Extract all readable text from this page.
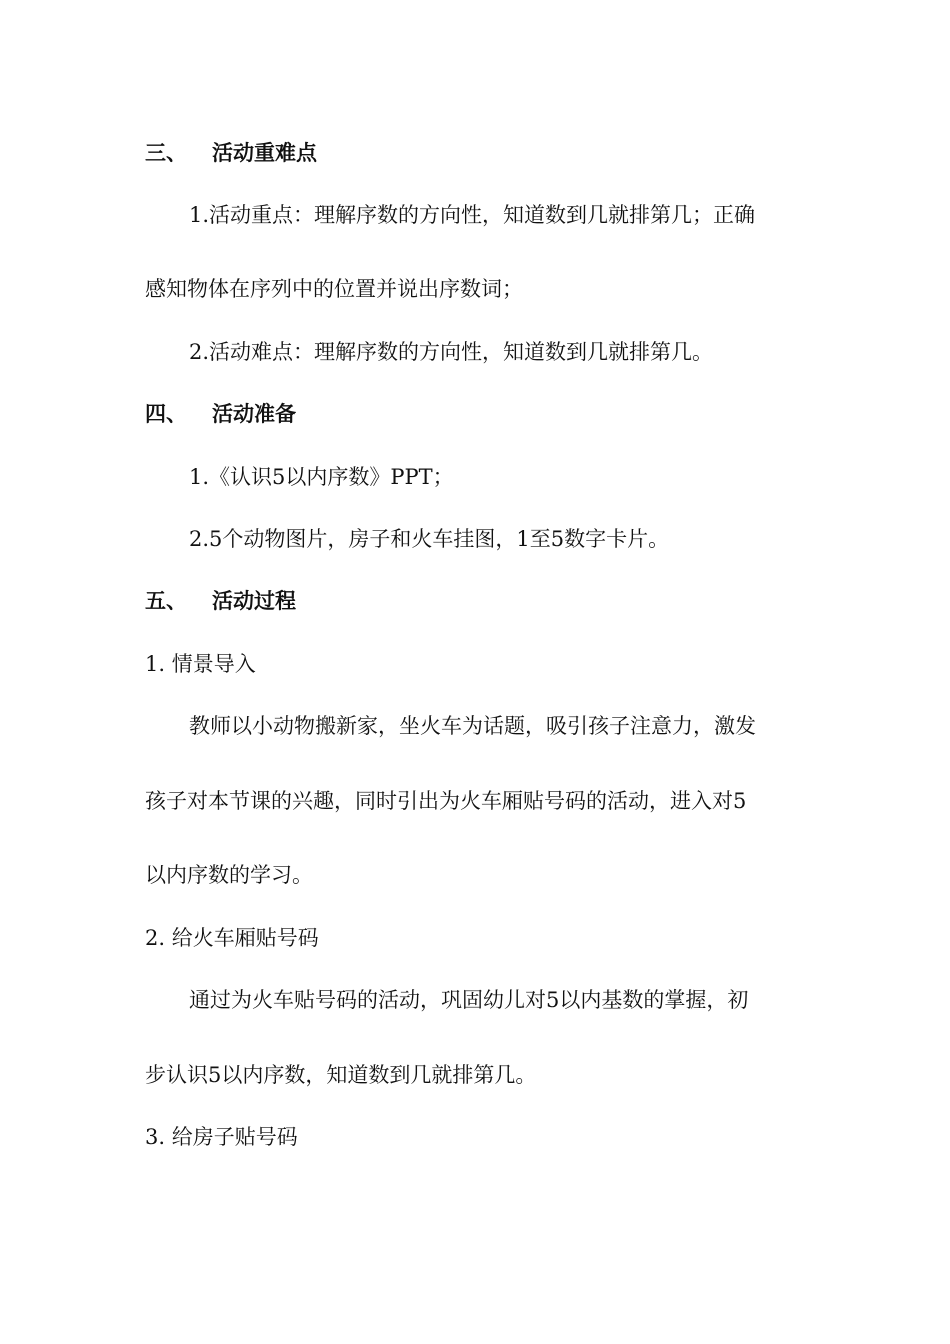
三、 活动重难点
1.活动重点：理解序数的方向性，知道数到几就排第几；正确
感知物体在序列中的位置并说出序数词；
2.活动难点：理解序数的方向性，知道数到几就排第几。
四、 活动准备
1.《认识5以内序数》PPT；
2.5个动物图片，房子和火车挂图，1至5数字卡片。
五、 活动过程
1. 情景导入
教师以小动物搬新家，坐火车为话题，吸引孩子注意力，激发
孩子对本节课的兴趣，同时引出为火车厢贴号码的活动，进入对5
以内序数的学习。
2. 给火车厢贴号码
通过为火车贴号码的活动，巩固幼儿对5以内基数的掌握，初
步认识5以内序数，知道数到几就排第几。
3. 给房子贴号码
